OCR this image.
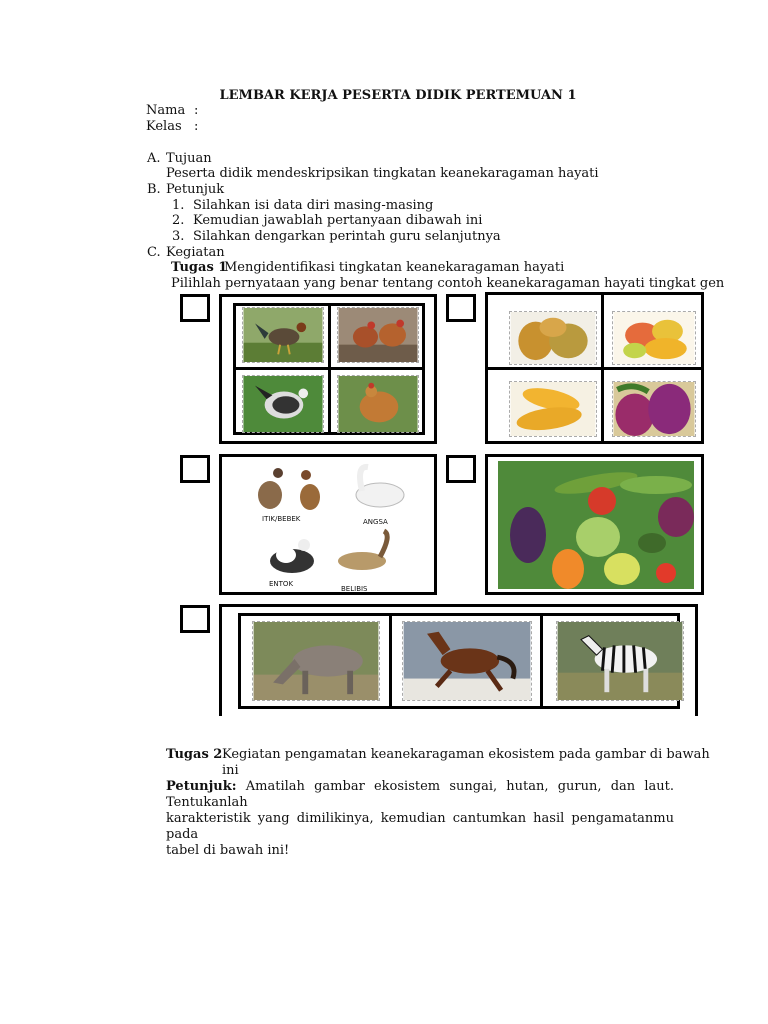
LEMBAR KERJA PESERTA DIDIK PERTEMUAN 1
Nama :
Kelas :
A. Tujuan
Peserta didik mendeskripsikan tingkatan keanekaragaman hayati
B. Petunjuk
1. Silahkan isi data diri masing-masing
2. Kemudian jawablah pertanyaan dibawah ini
3. Silahkan dengarkan perintah guru selanjutnya
C. Kegiatan
Tugas 1
Mengidentifikasi tingkatan keanekaragaman hayati
Pilihlah pernyataan yang benar tentang contoh keanekaragaman hayati tingkat gen
ITIK/BEBEK	ANGSA
ENTOK
BELIBIS
Tugas 2 Kegiatan pengamatan keanekaragaman ekosistem pada gambar di bawah
ini
Petunjuk: Amatilah gambar ekosistem sungai, hutan, gurun, dan laut. Tentukanlah
karakteristik yang dimilikinya, kemudian cantumkan hasil pengamatanmu pada
tabel di bawah ini!
